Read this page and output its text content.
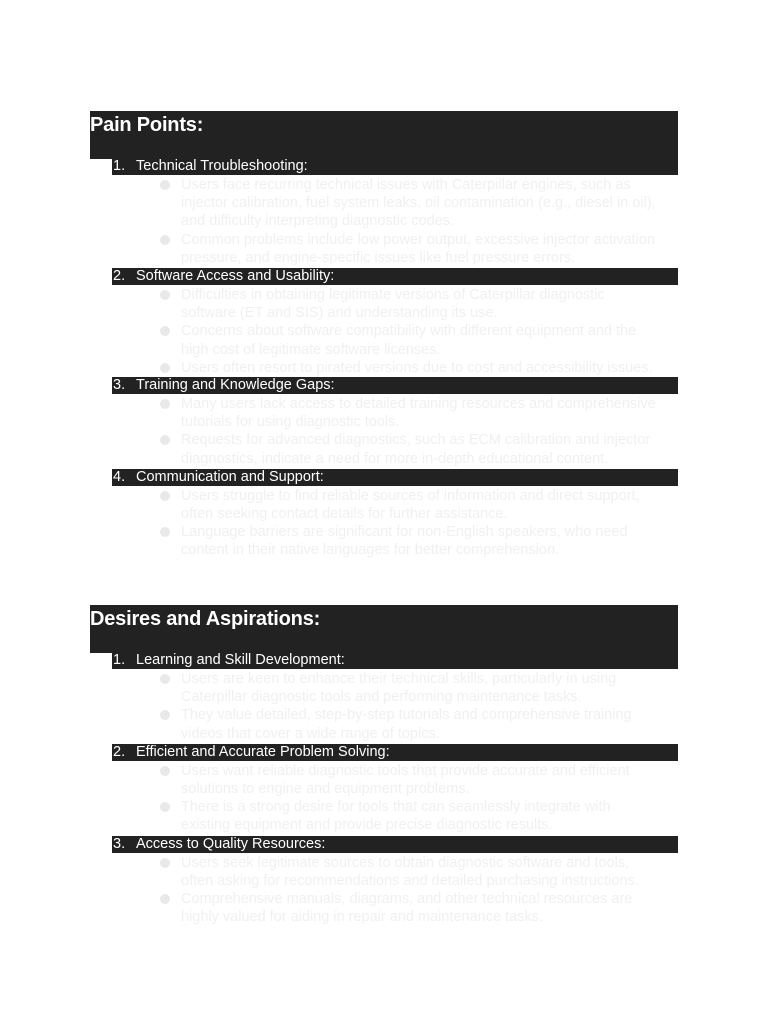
Pain Points:
1. Technical Troubleshooting:
Users face recurring technical issues with Caterpillar engines, such as
injector calibration, fuel system leaks, oil contamination (e.g., diesel in oil),
and difficulty interpreting diagnostic codes.
Common problems include low power output, excessive injector activation
pressure, and engine-specific issues like fuel pressure errors.
2. Software Access and Usability:
Difficulties in obtaining legitimate versions of Caterpillar diagnostic
software (ET and SIS) and understanding its use.
Concerns about software compatibility with different equipment and the
high cost of legitimate software licenses.
Users often resort to pirated versions due to cost and accessibility issues.
3. Training and Knowledge Gaps:
Many users lack access to detailed training resources and comprehensive
tutorials for using diagnostic tools.
Requests for advanced diagnostics, such as ECM calibration and injector
diagnostics, indicate a need for more in-depth educational content.
4. Communication and Support:
Users struggle to find reliable sources of information and direct support,
often seeking contact details for further assistance.
Language barriers are significant for non-English speakers, who need
content in their native languages for better comprehension.
Desires and Aspirations:
1. Learning and Skill Development:
Users are keen to enhance their technical skills, particularly in using
Caterpillar diagnostic tools and performing maintenance tasks.
They value detailed, step-by-step tutorials and comprehensive training
videos that cover a wide range of topics.
2. Efficient and Accurate Problem Solving:
Users want reliable diagnostic tools that provide accurate and efficient
solutions to engine and equipment problems.
There is a strong desire for tools that can seamlessly integrate with
existing equipment and provide precise diagnostic results.
3. Access to Quality Resources:
Users seek legitimate sources to obtain diagnostic software and tools,
often asking for recommendations and detailed purchasing instructions.
Comprehensive manuals, diagrams, and other technical resources are
highly valued for aiding in repair and maintenance tasks.
